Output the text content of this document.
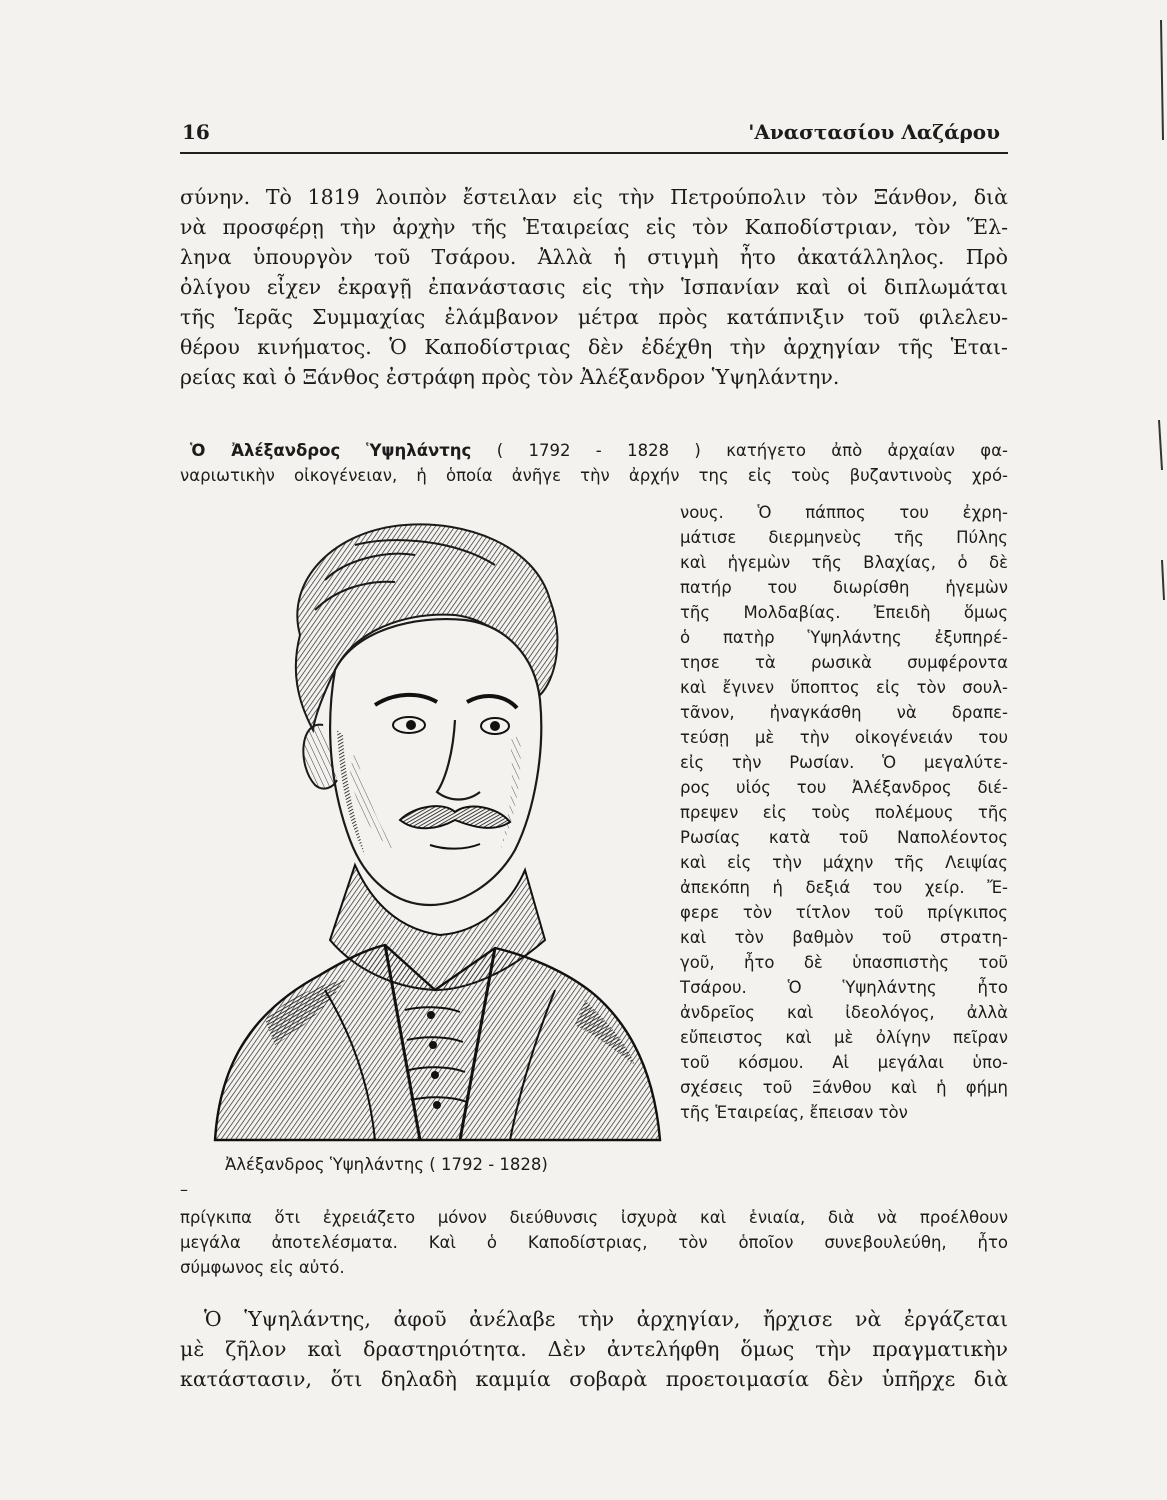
16	'Αναστασίου Λαζάρου

σύνην. Τὸ 1819 λοιπὸν ἔστειλαν εἰς τὴν Πετρούπολιν τὸν Ξάνθον, διὰ
νὰ προσφέρῃ τὴν ἀρχὴν τῆς Ἑταιρείας εἰς τὸν Καποδίστριαν, τὸν Ἕλ-
ληνα ὑπουργὸν τοῦ Τσάρου. Ἀλλὰ ἡ στιγμὴ ἦτο ἀκατάλληλος. Πρὸ
ὀλίγου εἶχεν ἐκραγῇ ἐπανάστασις εἰς τὴν Ἱσπανίαν καὶ οἱ διπλωμάται
τῆς Ἱερᾶς Συμμαχίας ἐλάμβανον μέτρα πρὸς κατάπνιξιν τοῦ φιλελευ-
θέρου κινήματος. Ὁ Καποδίστριας δὲν ἐδέχθη τὴν ἀρχηγίαν τῆς Ἑται-
ρείας καὶ ὁ Ξάνθος ἐστράφη πρὸς τὸν Ἀλέξανδρον Ὑψηλάντην.

Ὁ Ἀλέξανδρος Ὑψηλάντης ( 1792 - 1828 ) κατήγετο ἀπὸ ἀρχαίαν φα-
ναριωτικὴν οἰκογένειαν, ἡ ὁποία ἀνῆγε τὴν ἀρχήν της εἰς τοὺς βυζαντινοὺς χρό-
νους. Ὁ πάππος του ἐχρη-
μάτισε διερμηνεὺς τῆς Πύλης
καὶ ἡγεμὼν τῆς Βλαχίας, ὁ δὲ
πατήρ του διωρίσθη ἡγεμὼν
τῆς Μολδαβίας. Ἐπειδὴ ὅμως
ὁ πατὴρ Ὑψηλάντης ἐξυπηρέ-
τησε τὰ ρωσικὰ συμφέροντα
καὶ ἔγινεν ὕποπτος εἰς τὸν σουλ-
τᾶνον, ἠναγκάσθη νὰ δραπε-
τεύσῃ μὲ τὴν οἰκογένειάν του
εἰς τὴν Ρωσίαν. Ὁ μεγαλύτε-
ρος υἱός του Ἀλέξανδρος διέ-
πρεψεν εἰς τοὺς πολέμους τῆς
Ρωσίας κατὰ τοῦ Ναπολέοντος
καὶ εἰς τὴν μάχην τῆς Λειψίας
ἀπεκόπη ἡ δεξιά του χείρ. Ἔ-
φερε τὸν τίτλον τοῦ πρίγκιπος
καὶ τὸν βαθμὸν τοῦ στρατη-
γοῦ, ἦτο δὲ ὑπασπιστὴς τοῦ
Τσάρου. Ὁ Ὑψηλάντης ἦτο
ἀνδρεῖος καὶ ἰδεολόγος, ἀλλὰ
εὔπειστος καὶ μὲ ὀλίγην πεῖραν
τοῦ κόσμου. Αἱ μεγάλαι ὑπο-
σχέσεις τοῦ Ξάνθου καὶ ἡ φήμη
τῆς Ἑταιρείας, ἔπεισαν τὸν
Ἀλέξανδρος Ὑψηλάντης ( 1792 - 1828)
–
πρίγκιπα ὅτι ἐχρειάζετο μόνον διεύθυνσις ἰσχυρὰ καὶ ἑνιαία, διὰ νὰ προέλθουν
μεγάλα ἀποτελέσματα. Καὶ ὁ Καποδίστριας, τὸν ὁποῖον συνεβουλεύθη, ἦτο
σύμφωνος εἰς αὐτό.

Ὁ Ὑψηλάντης, ἀφοῦ ἀνέλαβε τὴν ἀρχηγίαν, ἤρχισε νὰ ἐργάζεται
μὲ ζῆλον καὶ δραστηριότητα. Δὲν ἀντελήφθη ὅμως τὴν πραγματικὴν
κατάστασιν, ὅτι δηλαδὴ καμμία σοβαρὰ προετοιμασία δὲν ὑπῆρχε διὰ
